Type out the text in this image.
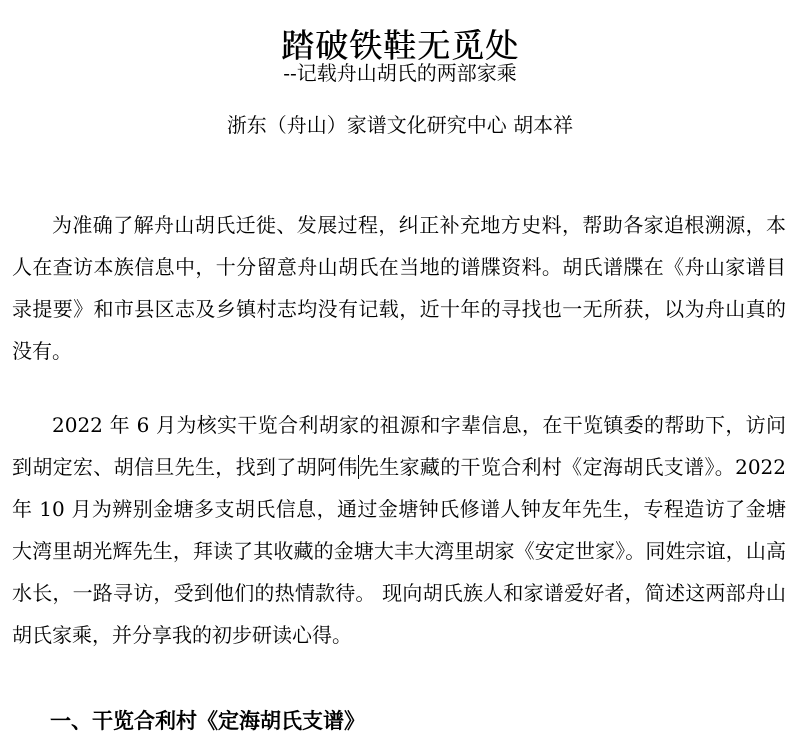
踏破铁鞋无觅处
--记载舟山胡氏的两部家乘
浙东（舟山）家谱文化研究中心 胡本祥

为准确了解舟山胡氏迁徙、发展过程，纠正补充地方史料，帮助各家追根溯源，本人在查访本族信息中，十分留意舟山胡氏在当地的谱牒资料。胡氏谱牒在《舟山家谱目录提要》和市县区志及乡镇村志均没有记载，近十年的寻找也一无所获，以为舟山真的没有。

2022 年 6 月为核实干览合利胡家的祖源和字辈信息，在干览镇委的帮助下，访问到胡定宏、胡信旦先生，找到了胡阿伟先生家藏的干览合利村《定海胡氏支谱》。2022 年 10 月为辨别金塘多支胡氏信息，通过金塘钟氏修谱人钟友年先生，专程造访了金塘大湾里胡光辉先生，拜读了其收藏的金塘大丰大湾里胡家《安定世家》。同姓宗谊，山高水长，一路寻访，受到他们的热情款待。 现向胡氏族人和家谱爱好者，简述这两部舟山胡氏家乘，并分享我的初步研读心得。

一、干览合利村《定海胡氏支谱》
